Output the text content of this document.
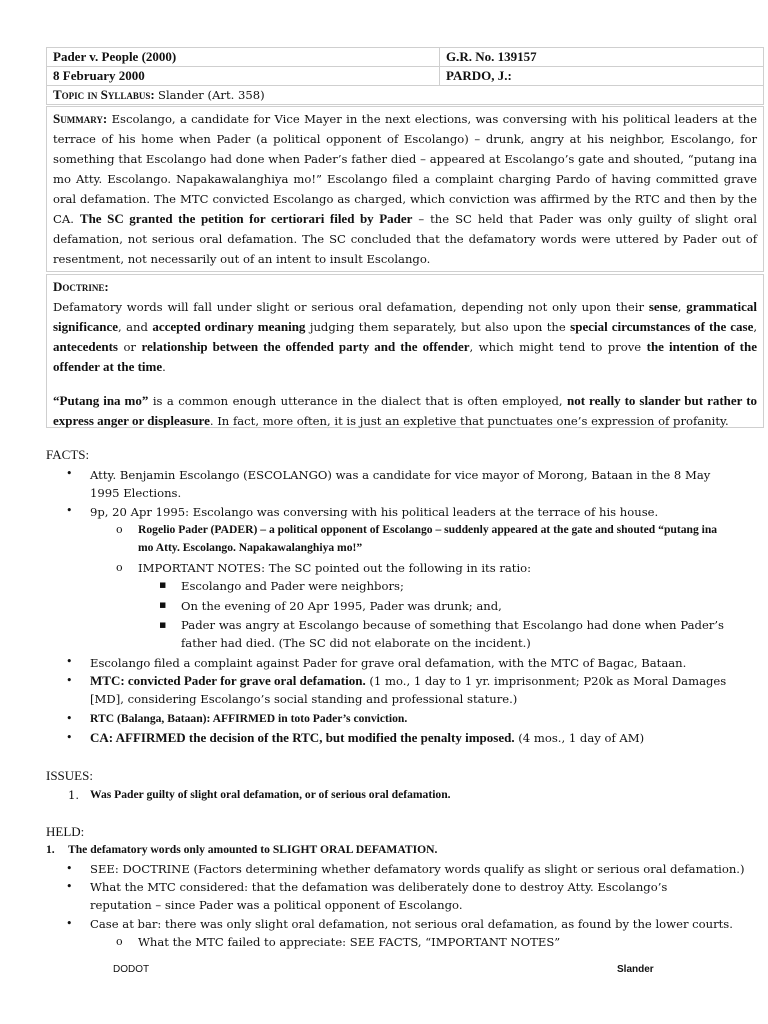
Pader v. People (2000)	G.R. No. 139157
8 February 2000	PARDO, J.:
Topic in Syllabus: Slander (Art. 358)	
Summary: Escolango, a candidate for Vice Mayer in the next elections, was conversing with his political leaders at the terrace of his home when Pader (a political opponent of Escolango) – drunk, angry at his neighbor, Escolango, for something that Escolango had done when Pader’s father died – appeared at Escolango’s gate and shouted, “putang ina mo Atty. Escolango. Napakawalanghiya mo!” Escolango filed a complaint charging Pardo of having committed grave oral defamation. The MTC convicted Escolango as charged, which conviction was affirmed by the RTC and then by the CA. The SC granted the petition for certiorari filed by Pader – the SC held that Pader was only guilty of slight oral defamation, not serious oral defamation. The SC concluded that the defamatory words were uttered by Pader out of resentment, not necessarily out of an intent to insult Escolango.
Doctrine:
Defamatory words will fall under slight or serious oral defamation, depending not only upon their sense, grammatical significance, and accepted ordinary meaning judging them separately, but also upon the special circumstances of the case, antecedents or relationship between the offended party and the offender, which might tend to prove the intention of the offender at the time.
“Putang ina mo” is a common enough utterance in the dialect that is often employed, not really to slander but rather to express anger or displeasure. In fact, more often, it is just an expletive that punctuates one’s expression of profanity.
FACTS:
• Atty. Benjamin Escolango (ESCOLANGO) was a candidate for vice mayor of Morong, Bataan in the 8 May 1995 Elections.
• 9p, 20 Apr 1995: Escolango was conversing with his political leaders at the terrace of his house.
o Rogelio Pader (PADER) – a political opponent of Escolango – suddenly appeared at the gate and shouted “putang ina mo Atty. Escolango. Napakawalanghiya mo!”
o IMPORTANT NOTES: The SC pointed out the following in its ratio:
▪ Escolango and Pader were neighbors;
▪ On the evening of 20 Apr 1995, Pader was drunk; and,
▪ Pader was angry at Escolango because of something that Escolango had done when Pader’s father had died. (The SC did not elaborate on the incident.)
• Escolango filed a complaint against Pader for grave oral defamation, with the MTC of Bagac, Bataan.
• MTC: convicted Pader for grave oral defamation. (1 mo., 1 day to 1 yr. imprisonment; P20k as Moral Damages [MD], considering Escolango’s social standing and professional stature.)
• RTC (Balanga, Bataan): AFFIRMED in toto Pader’s conviction.
• CA: AFFIRMED the decision of the RTC, but modified the penalty imposed. (4 mos., 1 day of AM)
ISSUES:
1. Was Pader guilty of slight oral defamation, or of serious oral defamation.
HELD:
1. The defamatory words only amounted to SLIGHT ORAL DEFAMATION.
• SEE: DOCTRINE (Factors determining whether defamatory words qualify as slight or serious oral defamation.)
• What the MTC considered: that the defamation was deliberately done to destroy Atty. Escolango’s reputation – since Pader was a political opponent of Escolango.
• Case at bar: there was only slight oral defamation, not serious oral defamation, as found by the lower courts.
o What the MTC failed to appreciate: SEE FACTS, “IMPORTANT NOTES”
DODOT	Slander
